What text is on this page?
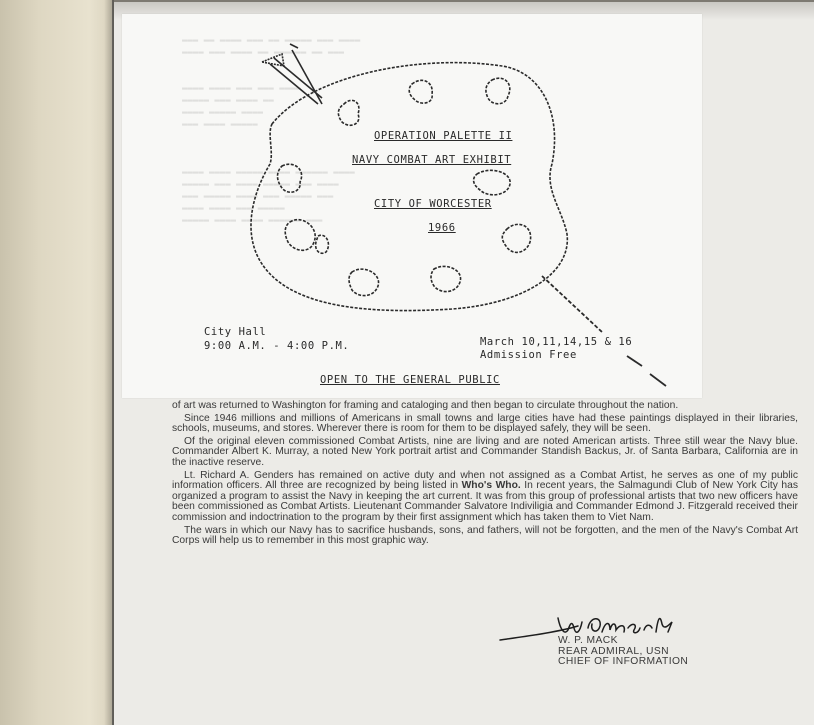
▬▬▬ ▬▬ ▬▬▬▬ ▬▬▬ ▬▬ ▬▬▬▬▬ ▬▬▬ ▬▬▬▬
▬▬▬▬ ▬▬▬ ▬▬▬▬ ▬▬ ▬▬▬▬▬▬ ▬▬ ▬▬▬

▬▬▬▬ ▬▬▬▬ ▬▬▬ ▬▬▬ ▬▬▬▬
▬▬▬▬▬ ▬▬▬ ▬▬▬▬ ▬▬
▬▬▬▬ ▬▬▬▬▬ ▬▬▬▬
▬▬▬ ▬▬▬▬ ▬▬▬▬▬

▬▬▬▬ ▬▬▬▬ ▬▬▬▬▬ ▬▬▬▬ ▬▬▬▬▬▬ ▬▬▬▬
▬▬▬▬▬ ▬▬▬ ▬▬▬▬ ▬▬▬▬▬ ▬▬▬ ▬▬▬▬
▬▬▬ ▬▬▬▬▬ ▬▬▬▬ ▬▬▬ ▬▬▬▬▬ ▬▬▬
▬▬▬▬ ▬▬▬▬ ▬▬▬ ▬▬▬▬▬
▬▬▬▬▬ ▬▬▬▬ ▬▬▬▬ ▬▬▬▬▬▬ ▬▬▬
OPERATION PALETTE II
NAVY COMBAT ART EXHIBIT
CITY OF WORCESTER
1966
City Hall
9:00 A.M. - 4:00 P.M.	March 10,11,14,15 & 16
Admission Free
OPEN TO THE GENERAL PUBLIC

of art was returned to Washington for framing and cataloging and then began to circulate throughout the nation.

Since 1946 millions and millions of Americans in small towns and large cities have had these paintings displayed in their libraries, schools, museums, and stores. Wherever there is room for them to be displayed safely, they will be seen.

Of the original eleven commissioned Combat Artists, nine are living and are noted American artists. Three still wear the Navy blue. Commander Albert K. Murray, a noted New York portrait artist and Commander Standish Backus, Jr. of Santa Barbara, California are in the inactive reserve.

Lt. Richard A. Genders has remained on active duty and when not assigned as a Combat Artist, he serves as one of my public information officers. All three are recognized by being listed in Who's Who. In recent years, the Salmagundi Club of New York City has organized a program to assist the Navy in keeping the art current. It was from this group of professional artists that two new officers have been commissioned as Combat Artists. Lieutenant Commander Salvatore Indiviligia and Commander Edmond J. Fitzgerald received their commission and indoctrination to the program by their first assignment which has taken them to Viet Nam.

The wars in which our Navy has to sacrifice husbands, sons, and fathers, will not be forgotten, and the men of the Navy's Combat Art Corps will help us to remember in this most graphic way.

W. P. MACK
REAR ADMIRAL, USN
CHIEF OF INFORMATION
